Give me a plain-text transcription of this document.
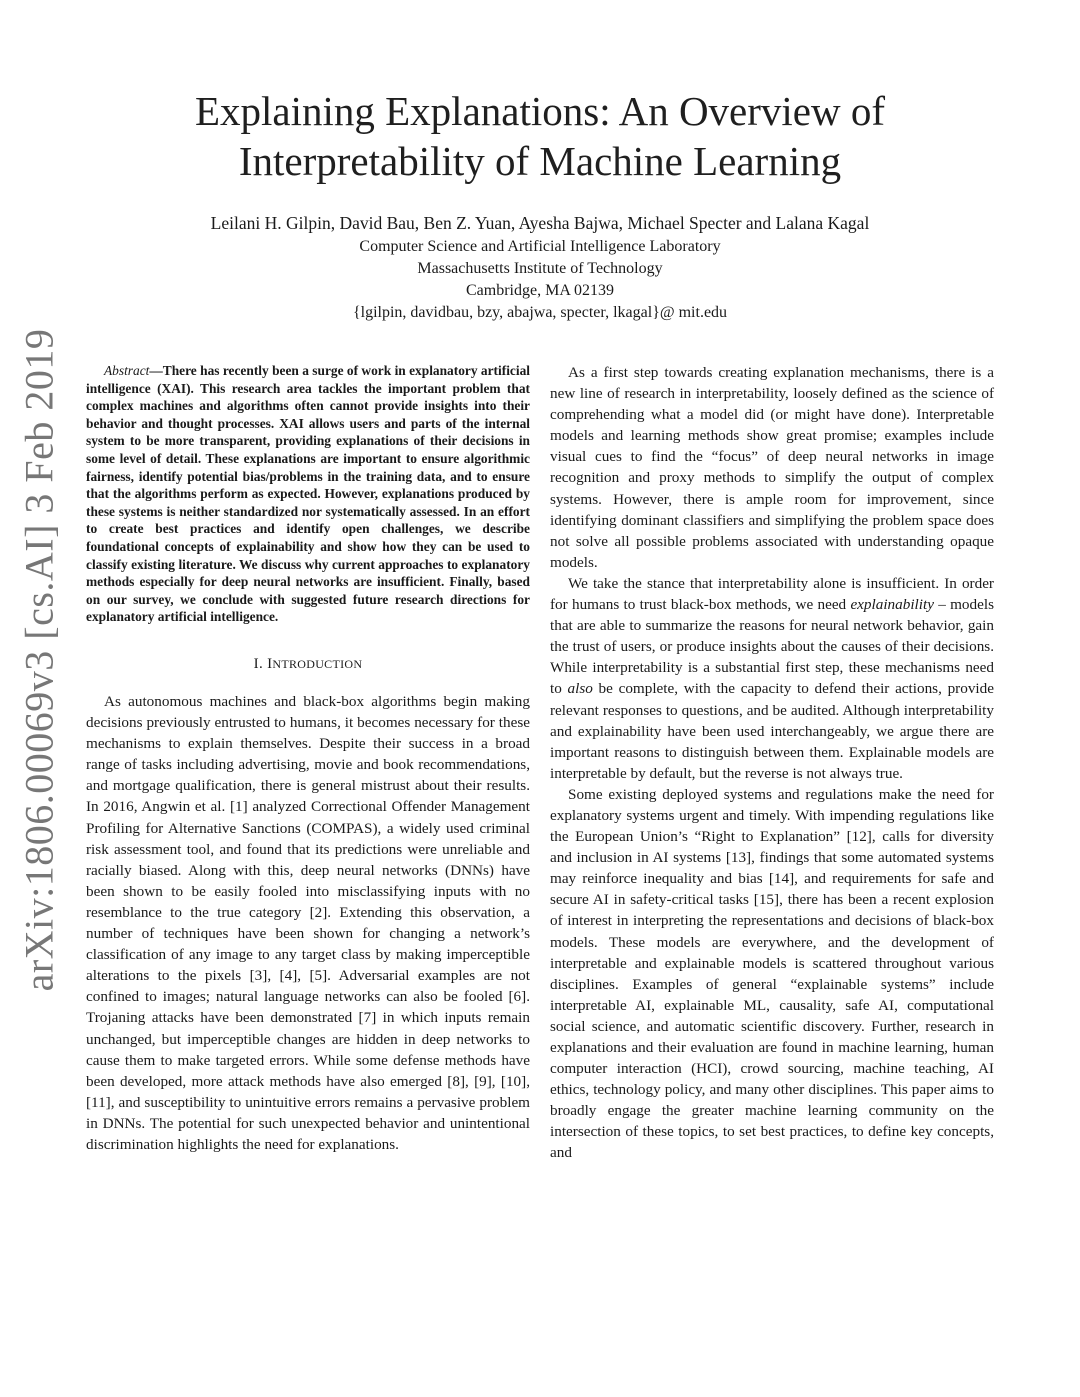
arXiv:1806.00069v3 [cs.AI] 3 Feb 2019
Explaining Explanations: An Overview of
Interpretability of Machine Learning
Leilani H. Gilpin, David Bau, Ben Z. Yuan, Ayesha Bajwa, Michael Specter and Lalana Kagal
Computer Science and Artificial Intelligence Laboratory
Massachusetts Institute of Technology
Cambridge, MA 02139
{lgilpin, davidbau, bzy, abajwa, specter, lkagal}@ mit.edu
Abstract—There has recently been a surge of work in explanatory artificial intelligence (XAI). This research area tackles the important problem that complex machines and algorithms often cannot provide insights into their behavior and thought processes. XAI allows users and parts of the internal system to be more transparent, providing explanations of their decisions in some level of detail. These explanations are important to ensure algorithmic fairness, identify potential bias/problems in the training data, and to ensure that the algorithms perform as expected. However, explanations produced by these systems is neither standardized nor systematically assessed. In an effort to create best practices and identify open challenges, we describe foundational concepts of explainability and show how they can be used to classify existing literature. We discuss why current approaches to explanatory methods especially for deep neural networks are insufficient. Finally, based on our survey, we conclude with suggested future research directions for explanatory artificial intelligence.
I. INTRODUCTION

As autonomous machines and black-box algorithms begin making decisions previously entrusted to humans, it becomes necessary for these mechanisms to explain themselves. Despite their success in a broad range of tasks including advertising, movie and book recommendations, and mortgage qualification, there is general mistrust about their results. In 2016, Angwin et al. [1] analyzed Correctional Offender Management Profiling for Alternative Sanctions (COMPAS), a widely used criminal risk assessment tool, and found that its predictions were unreliable and racially biased. Along with this, deep neural networks (DNNs) have been shown to be easily fooled into misclassifying inputs with no resemblance to the true category [2]. Extending this observation, a number of techniques have been shown for changing a network’s classification of any image to any target class by making imperceptible alterations to the pixels [3], [4], [5]. Adversarial examples are not confined to images; natural language networks can also be fooled [6]. Trojaning attacks have been demonstrated [7] in which inputs remain unchanged, but imperceptible changes are hidden in deep networks to cause them to make targeted errors. While some defense methods have been developed, more attack methods have also emerged [8], [9], [10], [11], and susceptibility to unintuitive errors remains a pervasive problem in DNNs. The potential for such unexpected behavior and unintentional discrimination highlights the need for explanations.

As a first step towards creating explanation mechanisms, there is a new line of research in interpretability, loosely defined as the science of comprehending what a model did (or might have done). Interpretable models and learning methods show great promise; examples include visual cues to find the “focus” of deep neural networks in image recognition and proxy methods to simplify the output of complex systems. However, there is ample room for improvement, since identifying dominant classifiers and simplifying the problem space does not solve all possible problems associated with understanding opaque models.

We take the stance that interpretability alone is insufficient. In order for humans to trust black-box methods, we need explainability – models that are able to summarize the reasons for neural network behavior, gain the trust of users, or produce insights about the causes of their decisions. While interpretability is a substantial first step, these mechanisms need to also be complete, with the capacity to defend their actions, provide relevant responses to questions, and be audited. Although interpretability and explainability have been used interchangeably, we argue there are important reasons to distinguish between them. Explainable models are interpretable by default, but the reverse is not always true.

Some existing deployed systems and regulations make the need for explanatory systems urgent and timely. With impending regulations like the European Union’s “Right to Explanation” [12], calls for diversity and inclusion in AI systems [13], findings that some automated systems may reinforce inequality and bias [14], and requirements for safe and secure AI in safety-critical tasks [15], there has been a recent explosion of interest in interpreting the representations and decisions of black-box models. These models are everywhere, and the development of interpretable and explainable models is scattered throughout various disciplines. Examples of general “explainable systems” include interpretable AI, explainable ML, causality, safe AI, computational social science, and automatic scientific discovery. Further, research in explanations and their evaluation are found in machine learning, human computer interaction (HCI), crowd sourcing, machine teaching, AI ethics, technology policy, and many other disciplines. This paper aims to broadly engage the greater machine learning community on the intersection of these topics, to set best practices, to define key concepts, and
